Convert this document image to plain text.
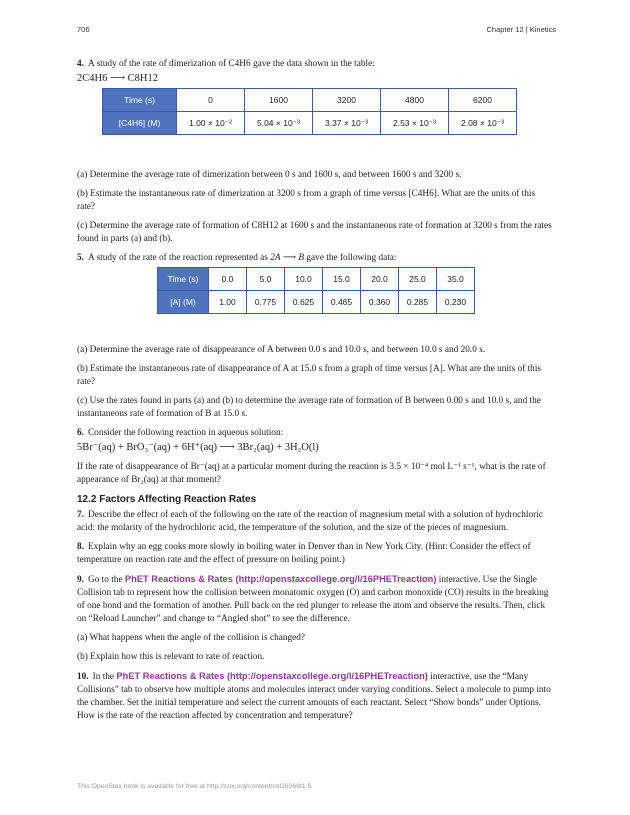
706	Chapter 12 | Kinetics

4. A study of the rate of dimerization of C4H6 gave the data shown in the table:

2C4H6 ⟶ C8H12
Time (s)	0	1600	3200	4800	6200
[C4H6] (M)	1.00 × 10⁻²	5.04 × 10⁻³	3.37 × 10⁻³	2.53 × 10⁻³	2.08 × 10⁻³

(a) Determine the average rate of dimerization between 0 s and 1600 s, and between 1600 s and 3200 s.

(b) Estimate the instantaneous rate of dimerization at 3200 s from a graph of time versus [C4H6]. What are the units of this rate?

(c) Determine the average rate of formation of C8H12 at 1600 s and the instantaneous rate of formation at 3200 s from the rates found in parts (a) and (b).

5. A study of the rate of the reaction represented as 2A ⟶ B gave the following data:

Time (s)	0.0	5.0	10.0	15.0	20.0	25.0	35.0
[A] (M)	1.00	0.775	0.625	0.465	0.360	0.285	0.230

(a) Determine the average rate of disappearance of A between 0.0 s and 10.0 s, and between 10.0 s and 20.0 s.

(b) Estimate the instantaneous rate of disappearance of A at 15.0 s from a graph of time versus [A]. What are the units of this rate?

(c) Use the rates found in parts (a) and (b) to determine the average rate of formation of B between 0.00 s and 10.0 s, and the instantaneous rate of formation of B at 15.0 s.

6. Consider the following reaction in aqueous solution:

5Br⁻(aq) + BrO₃⁻(aq) + 6H⁺(aq) ⟶ 3Br₂(aq) + 3H₂O(l)

If the rate of disappearance of Br⁻(aq) at a particular moment during the reaction is 3.5 × 10⁻⁴ mol L⁻¹ s⁻¹, what is the rate of appearance of Br₂(aq) at that moment?

12.2 Factors Affecting Reaction Rates

7. Describe the effect of each of the following on the rate of the reaction of magnesium metal with a solution of hydrochloric acid: the molarity of the hydrochloric acid, the temperature of the solution, and the size of the pieces of magnesium.

8. Explain why an egg cooks more slowly in boiling water in Denver than in New York City. (Hint: Consider the effect of temperature on reaction rate and the effect of pressure on boiling point.)

9. Go to the PhET Reactions & Rates (http://openstaxcollege.org/l/16PHETreaction) interactive. Use the Single Collision tab to represent how the collision between monatomic oxygen (O) and carbon monoxide (CO) results in the breaking of one bond and the formation of another. Pull back on the red plunger to release the atom and observe the results. Then, click on “Reload Launcher” and change to “Angled shot” to see the difference.

(a) What happens when the angle of the collision is changed?

(b) Explain how this is relevant to rate of reaction.

10. In the PhET Reactions & Rates (http://openstaxcollege.org/l/16PHETreaction) interactive, use the “Many Collisions” tab to observe how multiple atoms and molecules interact under varying conditions. Select a molecule to pump into the chamber. Set the initial temperature and select the current amounts of each reactant. Select “Show bonds” under Options. How is the rate of the reaction affected by concentration and temperature?

This OpenStax book is available for free at http://cnx.org/content/col26069/1.5
